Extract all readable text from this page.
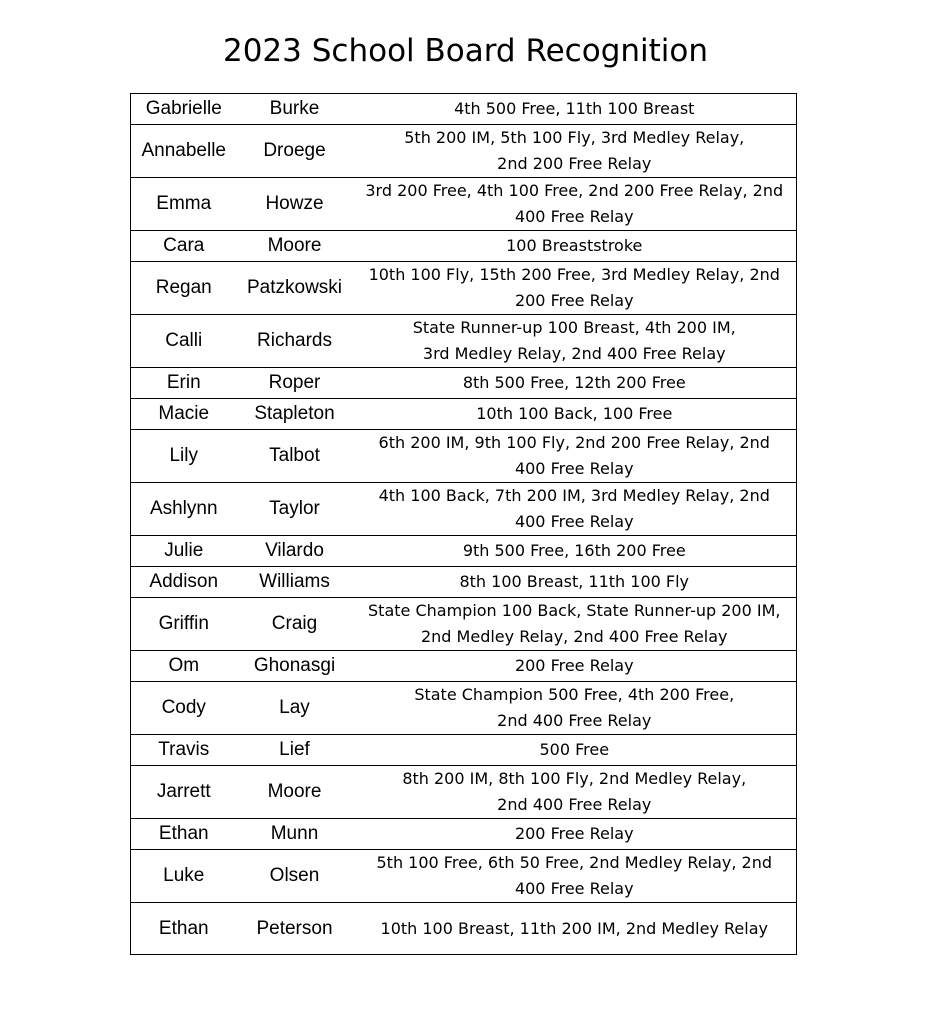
2023 School Board Recognition
Gabrielle	Burke	4th 500 Free, 11th 100 Breast

Annabelle	Droege	5th 200 IM, 5th 100 Fly, 3rd Medley Relay,
2nd 200 Free Relay

Emma	Howze	3rd 200 Free, 4th 100 Free, 2nd 200 Free Relay, 2nd
400 Free Relay

Cara	Moore	100 Breaststroke

Regan	Patzkowski	10th 100 Fly, 15th 200 Free, 3rd Medley Relay, 2nd
200 Free Relay

Calli	Richards	State Runner-up 100 Breast, 4th 200 IM,
3rd Medley Relay, 2nd 400 Free Relay

Erin	Roper	8th 500 Free, 12th 200 Free

Macie	Stapleton	10th 100 Back, 100 Free

Lily	Talbot	6th 200 IM, 9th 100 Fly, 2nd 200 Free Relay, 2nd
400 Free Relay

Ashlynn	Taylor	4th 100 Back, 7th 200 IM, 3rd Medley Relay, 2nd
400 Free Relay

Julie	Vilardo	9th 500 Free, 16th 200 Free

Addison	Williams	8th 100 Breast, 11th 100 Fly

Griffin	Craig	State Champion 100 Back, State Runner-up 200 IM,
2nd Medley Relay, 2nd 400 Free Relay

Om	Ghonasgi	200 Free Relay

Cody	Lay	State Champion 500 Free, 4th 200 Free,
2nd 400 Free Relay

Travis	Lief	500 Free

Jarrett	Moore	8th 200 IM, 8th 100 Fly, 2nd Medley Relay,
2nd 400 Free Relay

Ethan	Munn	200 Free Relay

Luke	Olsen	5th 100 Free, 6th 50 Free, 2nd Medley Relay, 2nd
400 Free Relay

Ethan	Peterson	10th 100 Breast, 11th 200 IM, 2nd Medley Relay
